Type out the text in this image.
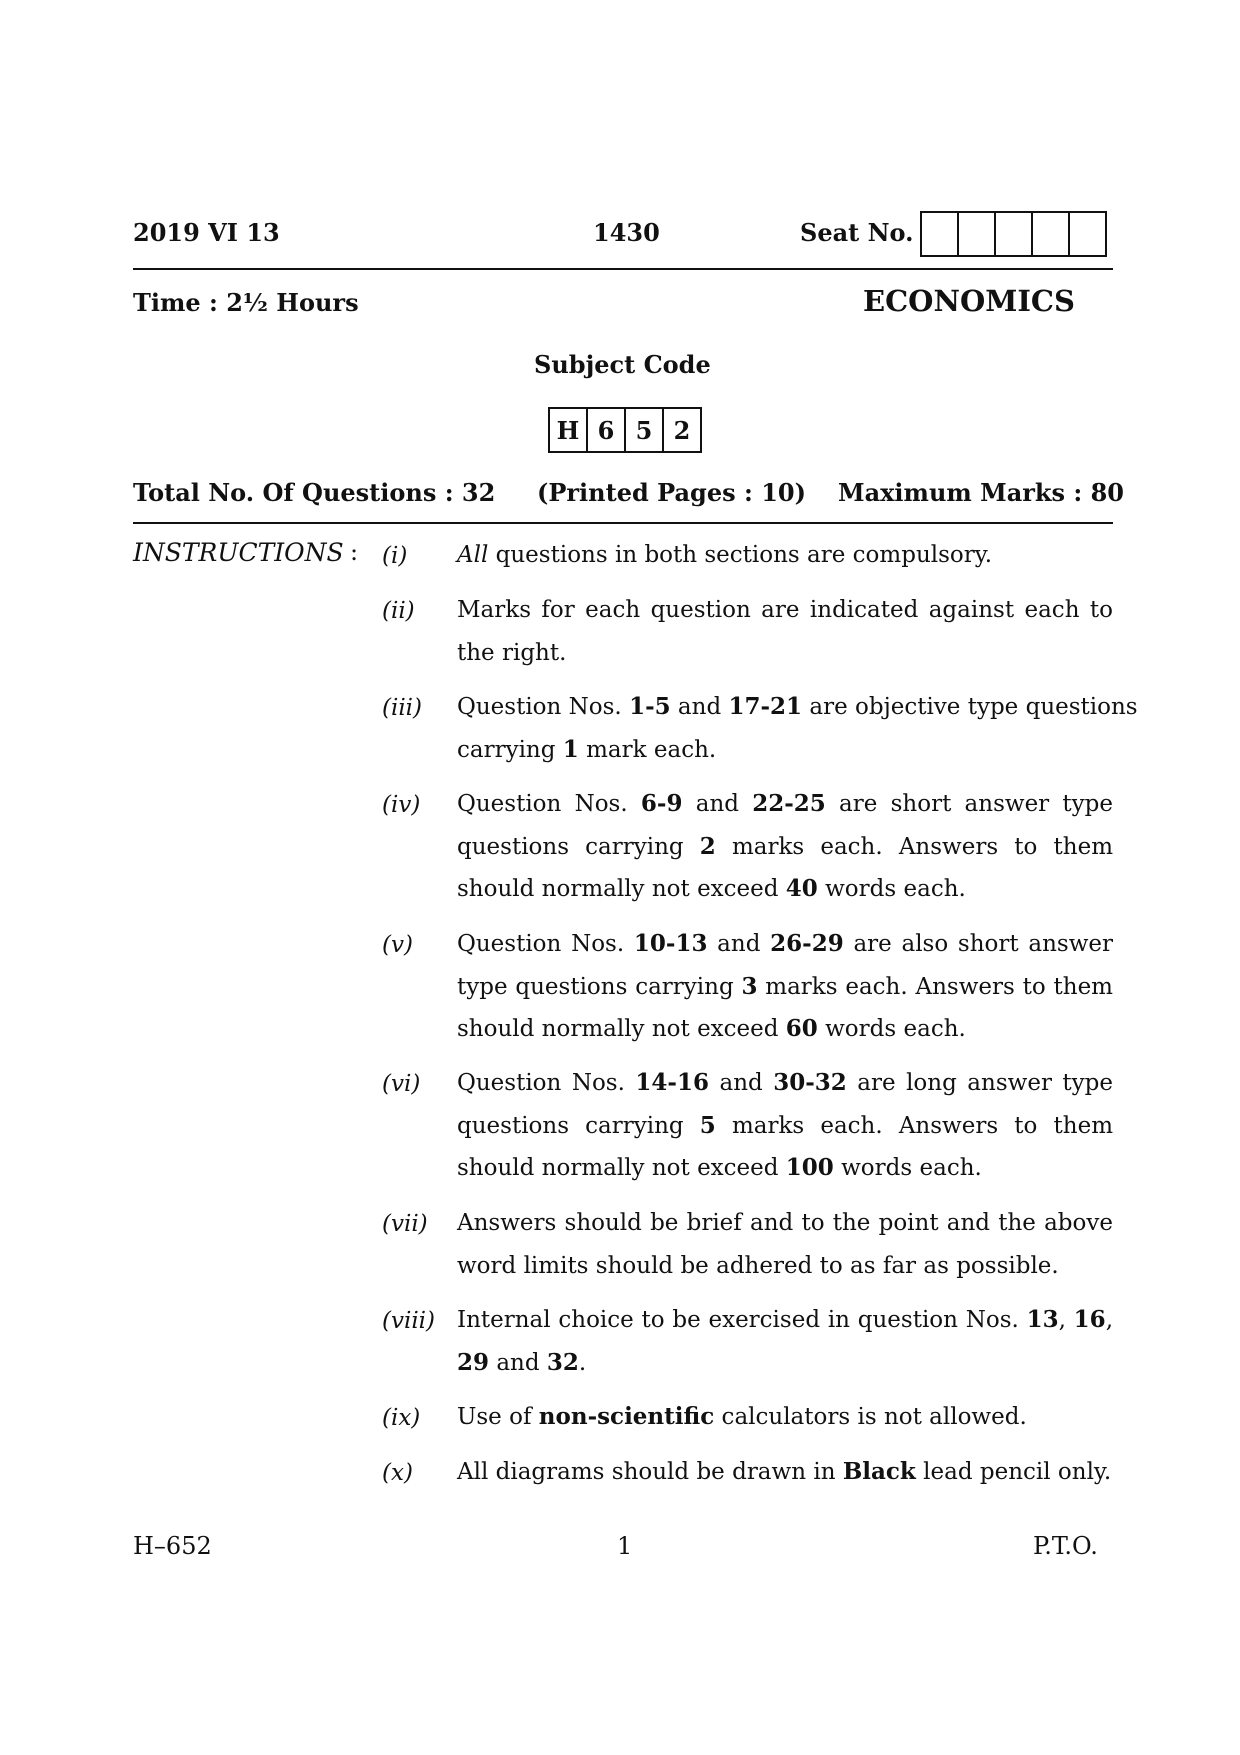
2019 VI 13	1430	Seat No.
Time : 2½ Hours	ECONOMICS
Subject Code
H 6 5 2
Total No. Of Questions : 32 (Printed Pages : 10) Maximum Marks : 80
INSTRUCTIONS : (i) All questions in both sections are compulsory.
(ii) Marks for each question are indicated against each to
the right.
(iii) Question Nos. 1-5 and 17-21 are objective type questions
carrying 1 mark each.
(iv) Question Nos. 6-9 and 22-25 are short answer type
questions carrying 2 marks each. Answers to them
should normally not exceed 40 words each.
(v) Question Nos. 10-13 and 26-29 are also short answer
type questions carrying 3 marks each. Answers to them
should normally not exceed 60 words each.
(vi) Question Nos. 14-16 and 30-32 are long answer type
questions carrying 5 marks each. Answers to them
should normally not exceed 100 words each.
(vii) Answers should be brief and to the point and the above
word limits should be adhered to as far as possible.
(viii) Internal choice to be exercised in question Nos. 13, 16,
29 and 32.
(ix) Use of non-scientific calculators is not allowed.
(x) All diagrams should be drawn in Black lead pencil only.
H–652	1	P.T.O.
